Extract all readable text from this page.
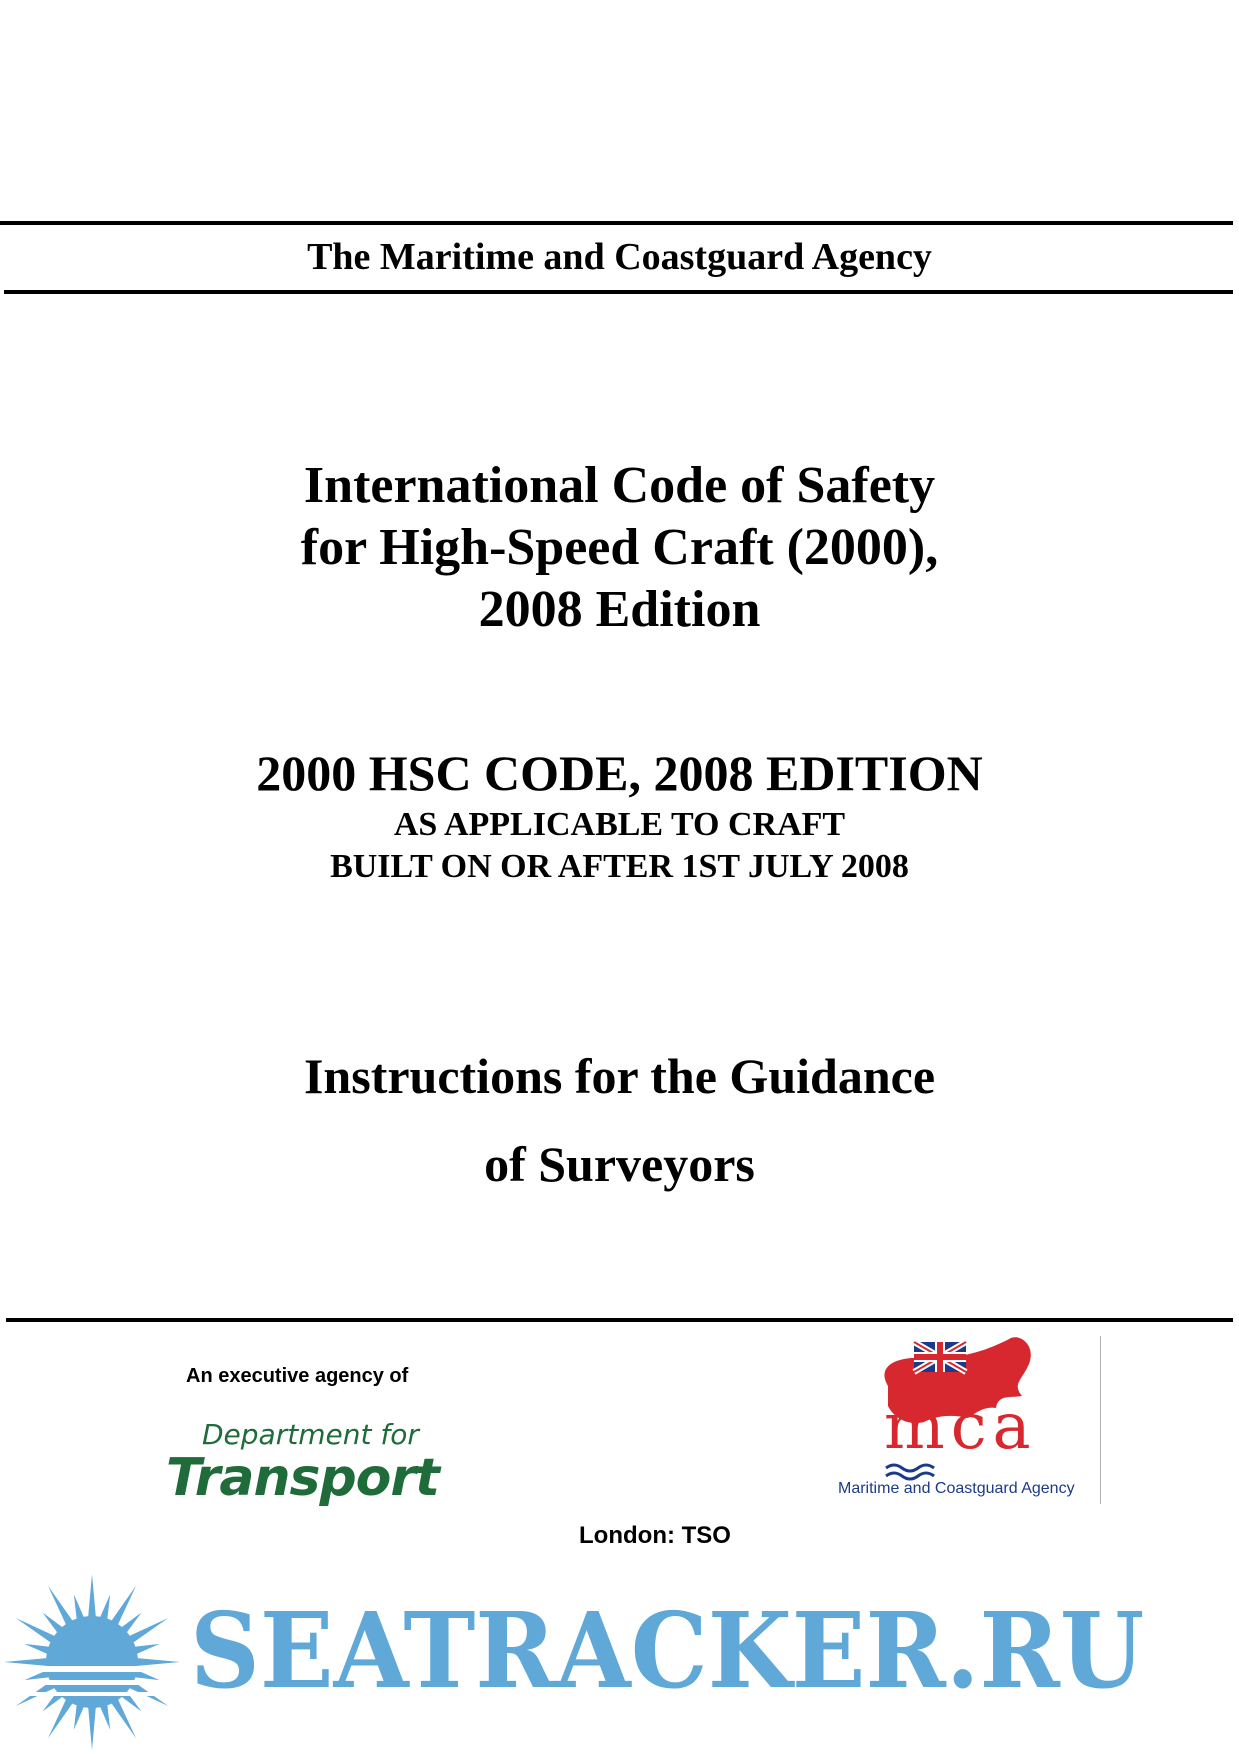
The Maritime and Coastguard Agency
International Code of Safety
for High-Speed Craft (2000),
2008 Edition
2000 HSC CODE, 2008 EDITION
AS APPLICABLE TO CRAFT
BUILT ON OR AFTER 1ST JULY 2008
Instructions for the Guidance
of Surveyors
An executive agency of
Department for
Transport
mca
Maritime and Coastguard Agency
London: TSO
SEATRACKER.RU
